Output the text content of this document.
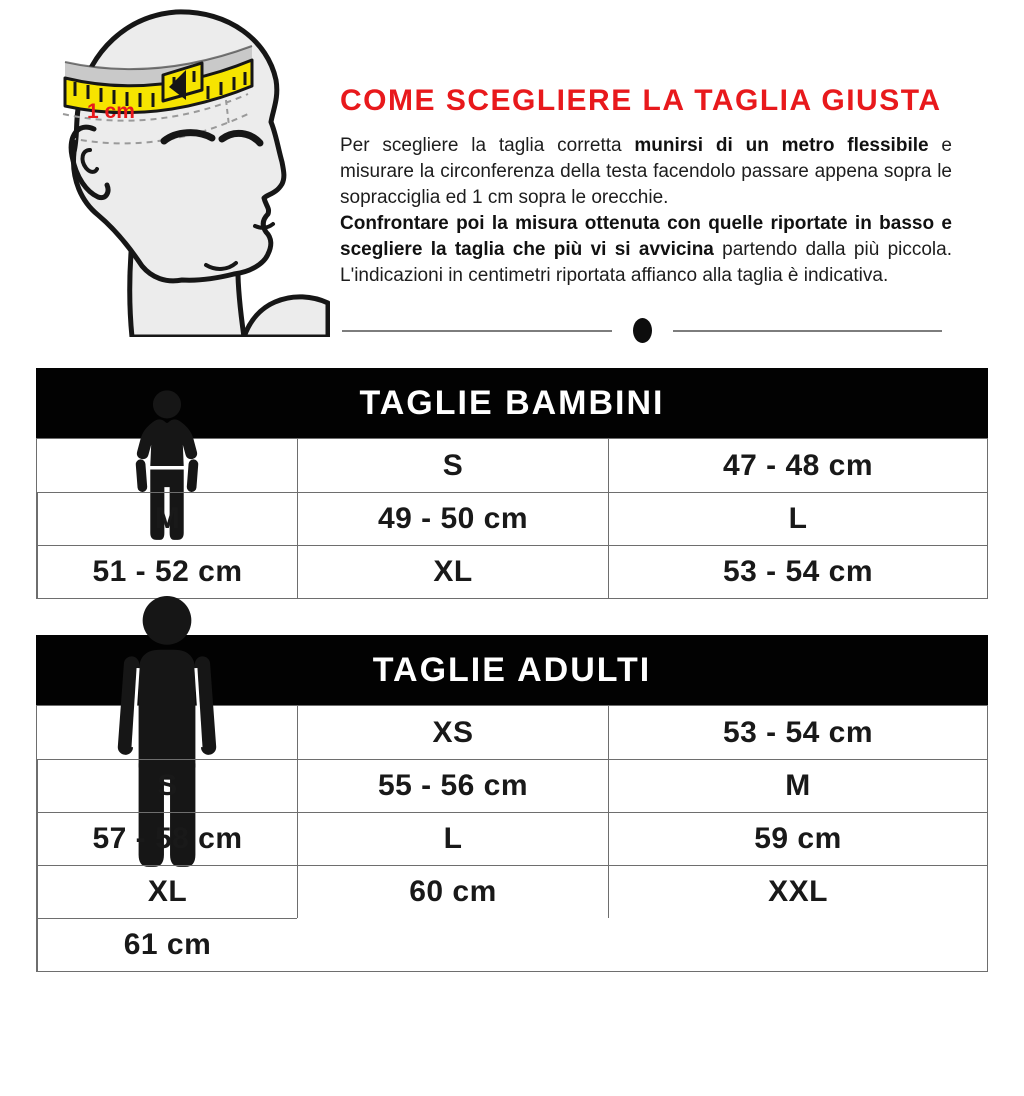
1 cm	COME SCEGLIERE LA TAGLIA GIUSTA

Per scegliere la taglia corretta munirsi di un metro flessibile e misurare la circonferenza della testa facendolo passare appena sopra le sopracciglia ed 1 cm sopra le orecchie.
Confrontare poi la misura ottenuta con quelle riportate in basso e scegliere la taglia che più vi si avvicina partendo dalla più piccola. L'indicazioni in centimetri riportata affianco alla taglia è indicativa.

TAGLIE BAMBINI
S	47 - 48 cm
M	49 - 50 cm	L
51 - 52 cm	XL	53 - 54 cm
TAGLIE ADULTI
XS	53 - 54 cm
S	55 - 56 cm	M
57 - 58 cm	L	59 cm
XL	60 cm	XXL
61 cm
